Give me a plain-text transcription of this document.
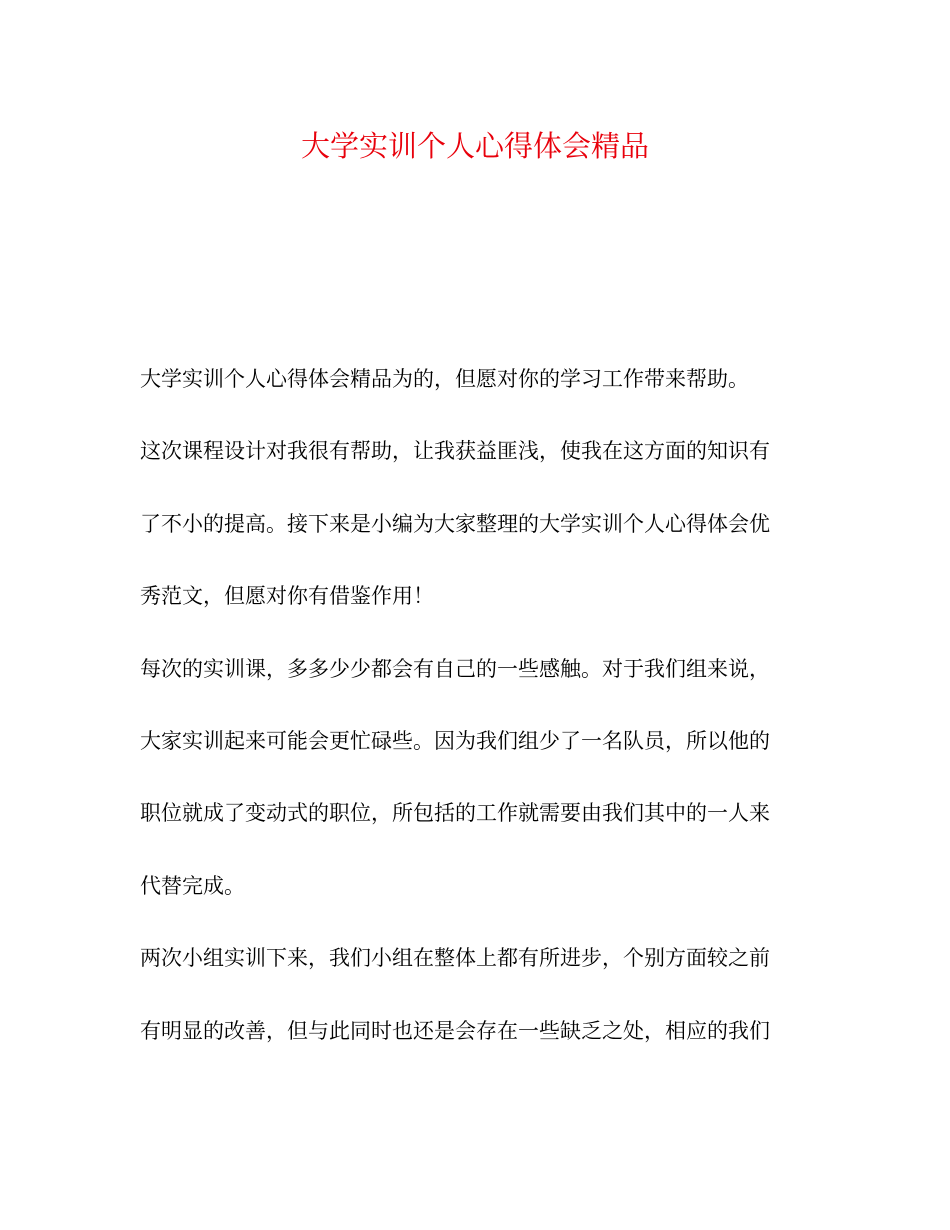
大学实训个人心得体会精品
大学实训个人心得体会精品为的，但愿对你的学习工作带来帮助。
这次课程设计对我很有帮助，让我获益匪浅，使我在这方面的知识有
了不小的提高。接下来是小编为大家整理的大学实训个人心得体会优
秀范文，但愿对你有借鉴作用！
每次的实训课，多多少少都会有自己的一些感触。对于我们组来说，
大家实训起来可能会更忙碌些。因为我们组少了一名队员，所以他的
职位就成了变动式的职位，所包括的工作就需要由我们其中的一人来
代替完成。
两次小组实训下来，我们小组在整体上都有所进步，个别方面较之前
有明显的改善，但与此同时也还是会存在一些缺乏之处，相应的我们
